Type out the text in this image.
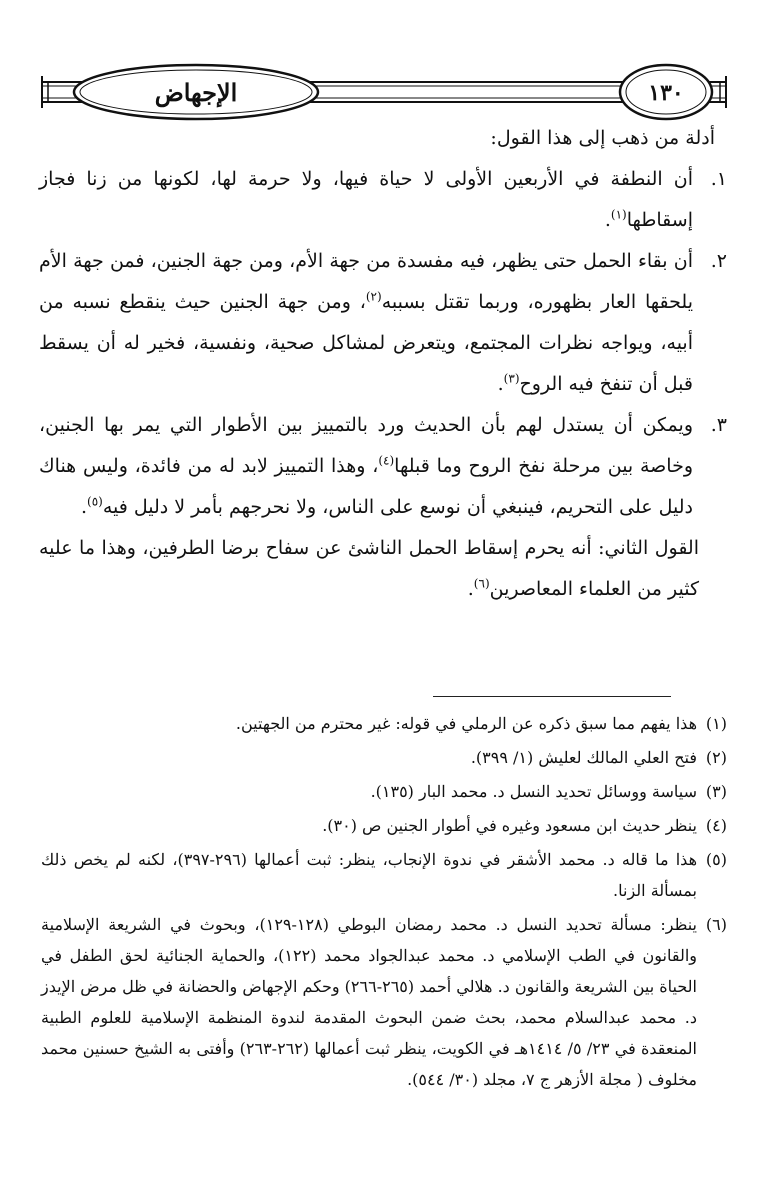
الإجهاض	١٣٠

أدلة من ذهب إلى هذا القول:

١.أن النطفة في الأربعين الأولى لا حياة فيها، ولا حرمة لها، لكونها من زنا فجاز إسقاطها$^{(١)}$.

٢.أن بقاء الحمل حتى يظهر، فيه مفسدة من جهة الأم، ومن جهة الجنين، فمن جهة الأم يلحقها العار بظهوره، وربما تقتل بسببه$^{(٢)}$، ومن جهة الجنين حيث ينقطع نسبه من أبيه، ويواجه نظرات المجتمع، ويتعرض لمشاكل صحية، ونفسية، فخير له أن يسقط قبل أن تنفخ فيه الروح$^{(٣)}$.

٣.ويمكن أن يستدل لهم بأن الحديث ورد بالتمييز بين الأطوار التي يمر بها الجنين، وخاصة بين مرحلة نفخ الروح وما قبلها$^{(٤)}$، وهذا التمييز لابد له من فائدة، وليس هناك دليل على التحريم، فينبغي أن نوسع على الناس، ولا نحرجهم بأمر لا دليل فيه$^{(٥)}$.

القول الثاني: أنه يحرم إسقاط الحمل الناشئ عن سفاح برضا الطرفين، وهذا ما عليه كثير من العلماء المعاصرين$^{(٦)}$.

(١)هذا يفهم مما سبق ذكره عن الرملي في قوله: غير محترم من الجهتين.

(٢)فتح العلي المالك لعليش (١/ ٣٩٩).

(٣)سياسة ووسائل تحديد النسل د. محمد البار (١٣٥).

(٤)ينظر حديث ابن مسعود وغيره في أطوار الجنين ص (٣٠).

(٥)هذا ما قاله د. محمد الأشقر في ندوة الإنجاب، ينظر: ثبت أعمالها (٢٩٦-٣٩٧)، لكنه لم يخص ذلك بمسألة الزنا.

(٦)ينظر: مسألة تحديد النسل د. محمد رمضان البوطي (١٢٨-١٢٩)، وبحوث في الشريعة الإسلامية والقانون في الطب الإسلامي د. محمد عبدالجواد محمد (١٢٢)، والحماية الجنائية لحق الطفل في الحياة بين الشريعة والقانون د. هلالي أحمد (٢٦٥-٢٦٦) وحكم الإجهاض والحضانة في ظل مرض الإيدز د. محمد عبدالسلام محمد، بحث ضمن البحوث المقدمة لندوة المنظمة الإسلامية للعلوم الطبية المنعقدة في ٢٣/ ٥/ ١٤١٤هـ في الكويت، ينظر ثبت أعمالها (٢٦٢-٢٦٣) وأفتى به الشيخ حسنين محمد مخلوف ( مجلة الأزهر ج ٧، مجلد (٣٠/ ٥٤٤).
